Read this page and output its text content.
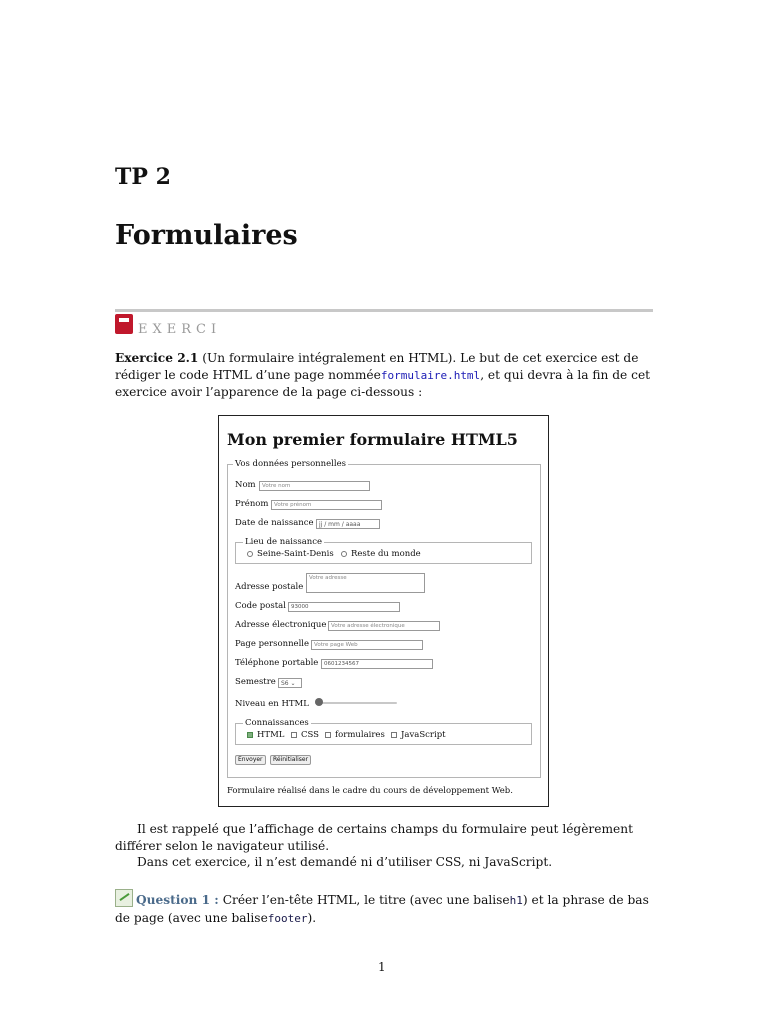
TP 2
Formulaires
EXERCI
Exercice 2.1 (Un formulaire intégralement en HTML). Le but de cet exercice est de rédiger le code HTML d’une page nomméeformulaire.html, et qui devra à la fin de cet exercice avoir l’apparence de la page ci-dessous :
Mon premier formulaire HTML5
Vos données personnelles
Nom	Votre nom
Prénom	Votre prénom
Date de naissance jj / mm / aaaa
Lieu de naissance
Seine-Saint-Denis Reste du monde
Adresse postale
Votre adresse
Code postal 93000
Adresse électronique Votre adresse électronique
Page personnelle Votre page Web
Téléphone portable	0601234567
Semestre S6 ⌄
Niveau en HTML
Connaissances
HTML CSS formulaires JavaScript
Envoyer	Réinitialiser
Formulaire réalisé dans le cadre du cours de développement Web.
Il est rappelé que l’affichage de certains champs du formulaire peut légèrement différer selon le navigateur utilisé.
Dans cet exercice, il n’est demandé ni d’utiliser CSS, ni JavaScript.
Question 1 : Créer l’en-tête HTML, le titre (avec une baliseh1) et la phrase de bas de page (avec une balisefooter).
1
